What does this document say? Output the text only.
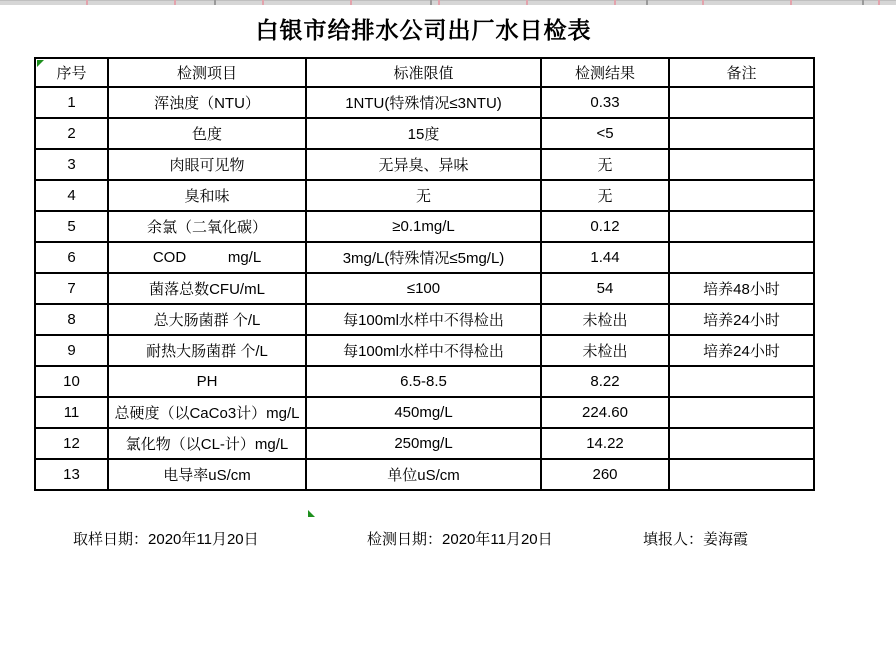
白银市给排水公司出厂水日检表
序号	检测项目	标准限值	检测结果	备注
1	浑浊度（NTU）	1NTU(特殊情况≤3NTU)	0.33	
2	色度	15度	<5	
3	肉眼可见物	无异臭、异味	无	
4	臭和味	无	无	
5	余氯（二氧化碳）	≥0.1mg/L	0.12	
6	COD          mg/L	3mg/L(特殊情况≤5mg/L)	1.44	
7	菌落总数CFU/mL	≤100	54	培养48小时
8	总大肠菌群 个/L	每100ml水样中不得检出	未检出	培养24小时
9	耐热大肠菌群 个/L	每100ml水样中不得检出	未检出	培养24小时
10	PH	6.5-8.5	8.22	
11	总硬度（以CaCo3计）mg/L	450mg/L	224.60	
12	氯化物（以CL-计）mg/L	250mg/L	14.22	
13	电导率uS/cm	单位uS/cm	260	
取样日期：2020年11月20日	检测日期：2020年11月20日	填报人：姜海霞
